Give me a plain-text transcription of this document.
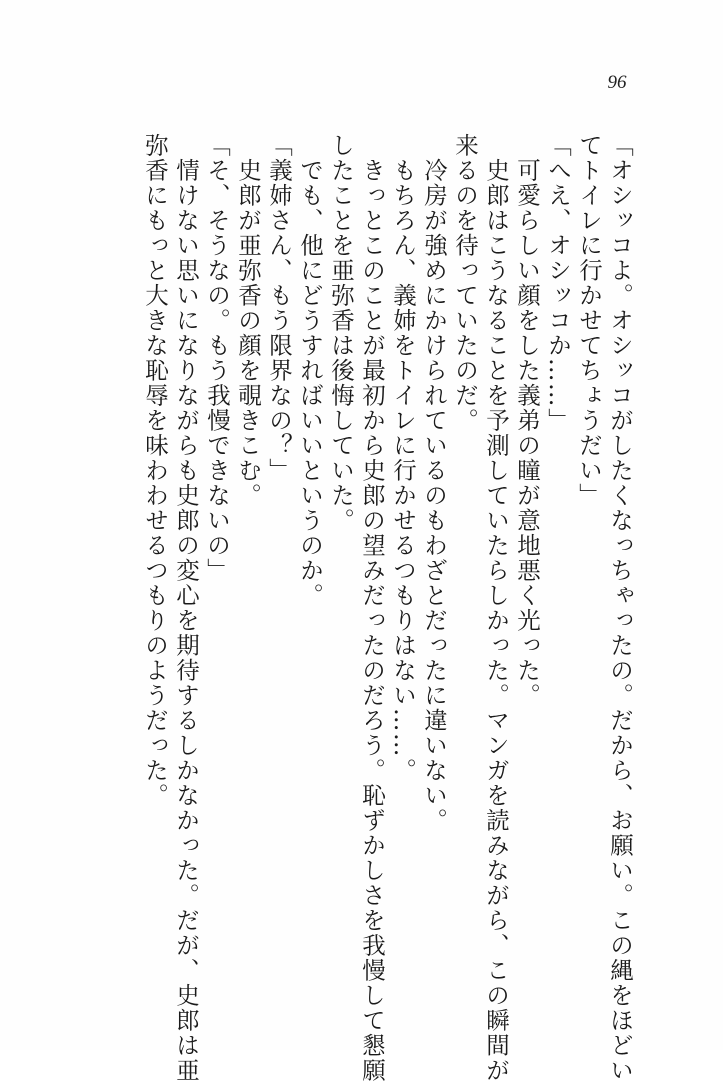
96
「オシッコよ。オシッコがしたくなっちゃったの。だから、お願い。この縄をほどい
てトイレに行かせてちょうだい」
「へえ、オシッコか……」
　可愛らしい顔をした義弟の瞳が意地悪く光った。
　史郎はこうなることを予測していたらしかった。マンガを読みながら、この瞬間が
来るのを待っていたのだ。
　冷房が強めにかけられているのもわざとだったに違いない。
　もちろん、義姉をトイレに行かせるつもりはない……。
　きっとこのことが最初から史郎の望みだったのだろう。恥ずかしさを我慢して懇願
したことを亜弥香は後悔していた。
　でも、他にどうすればいいというのか。
「義姉さん、もう限界なの？」
　史郎が亜弥香の顔を覗きこむ。
「そ、そうなの。もう我慢できないの」
　情けない思いになりながらも史郎の変心を期待するしかなかった。だが、史郎は亜
弥香にもっと大きな恥辱を味わわせるつもりのようだった。
